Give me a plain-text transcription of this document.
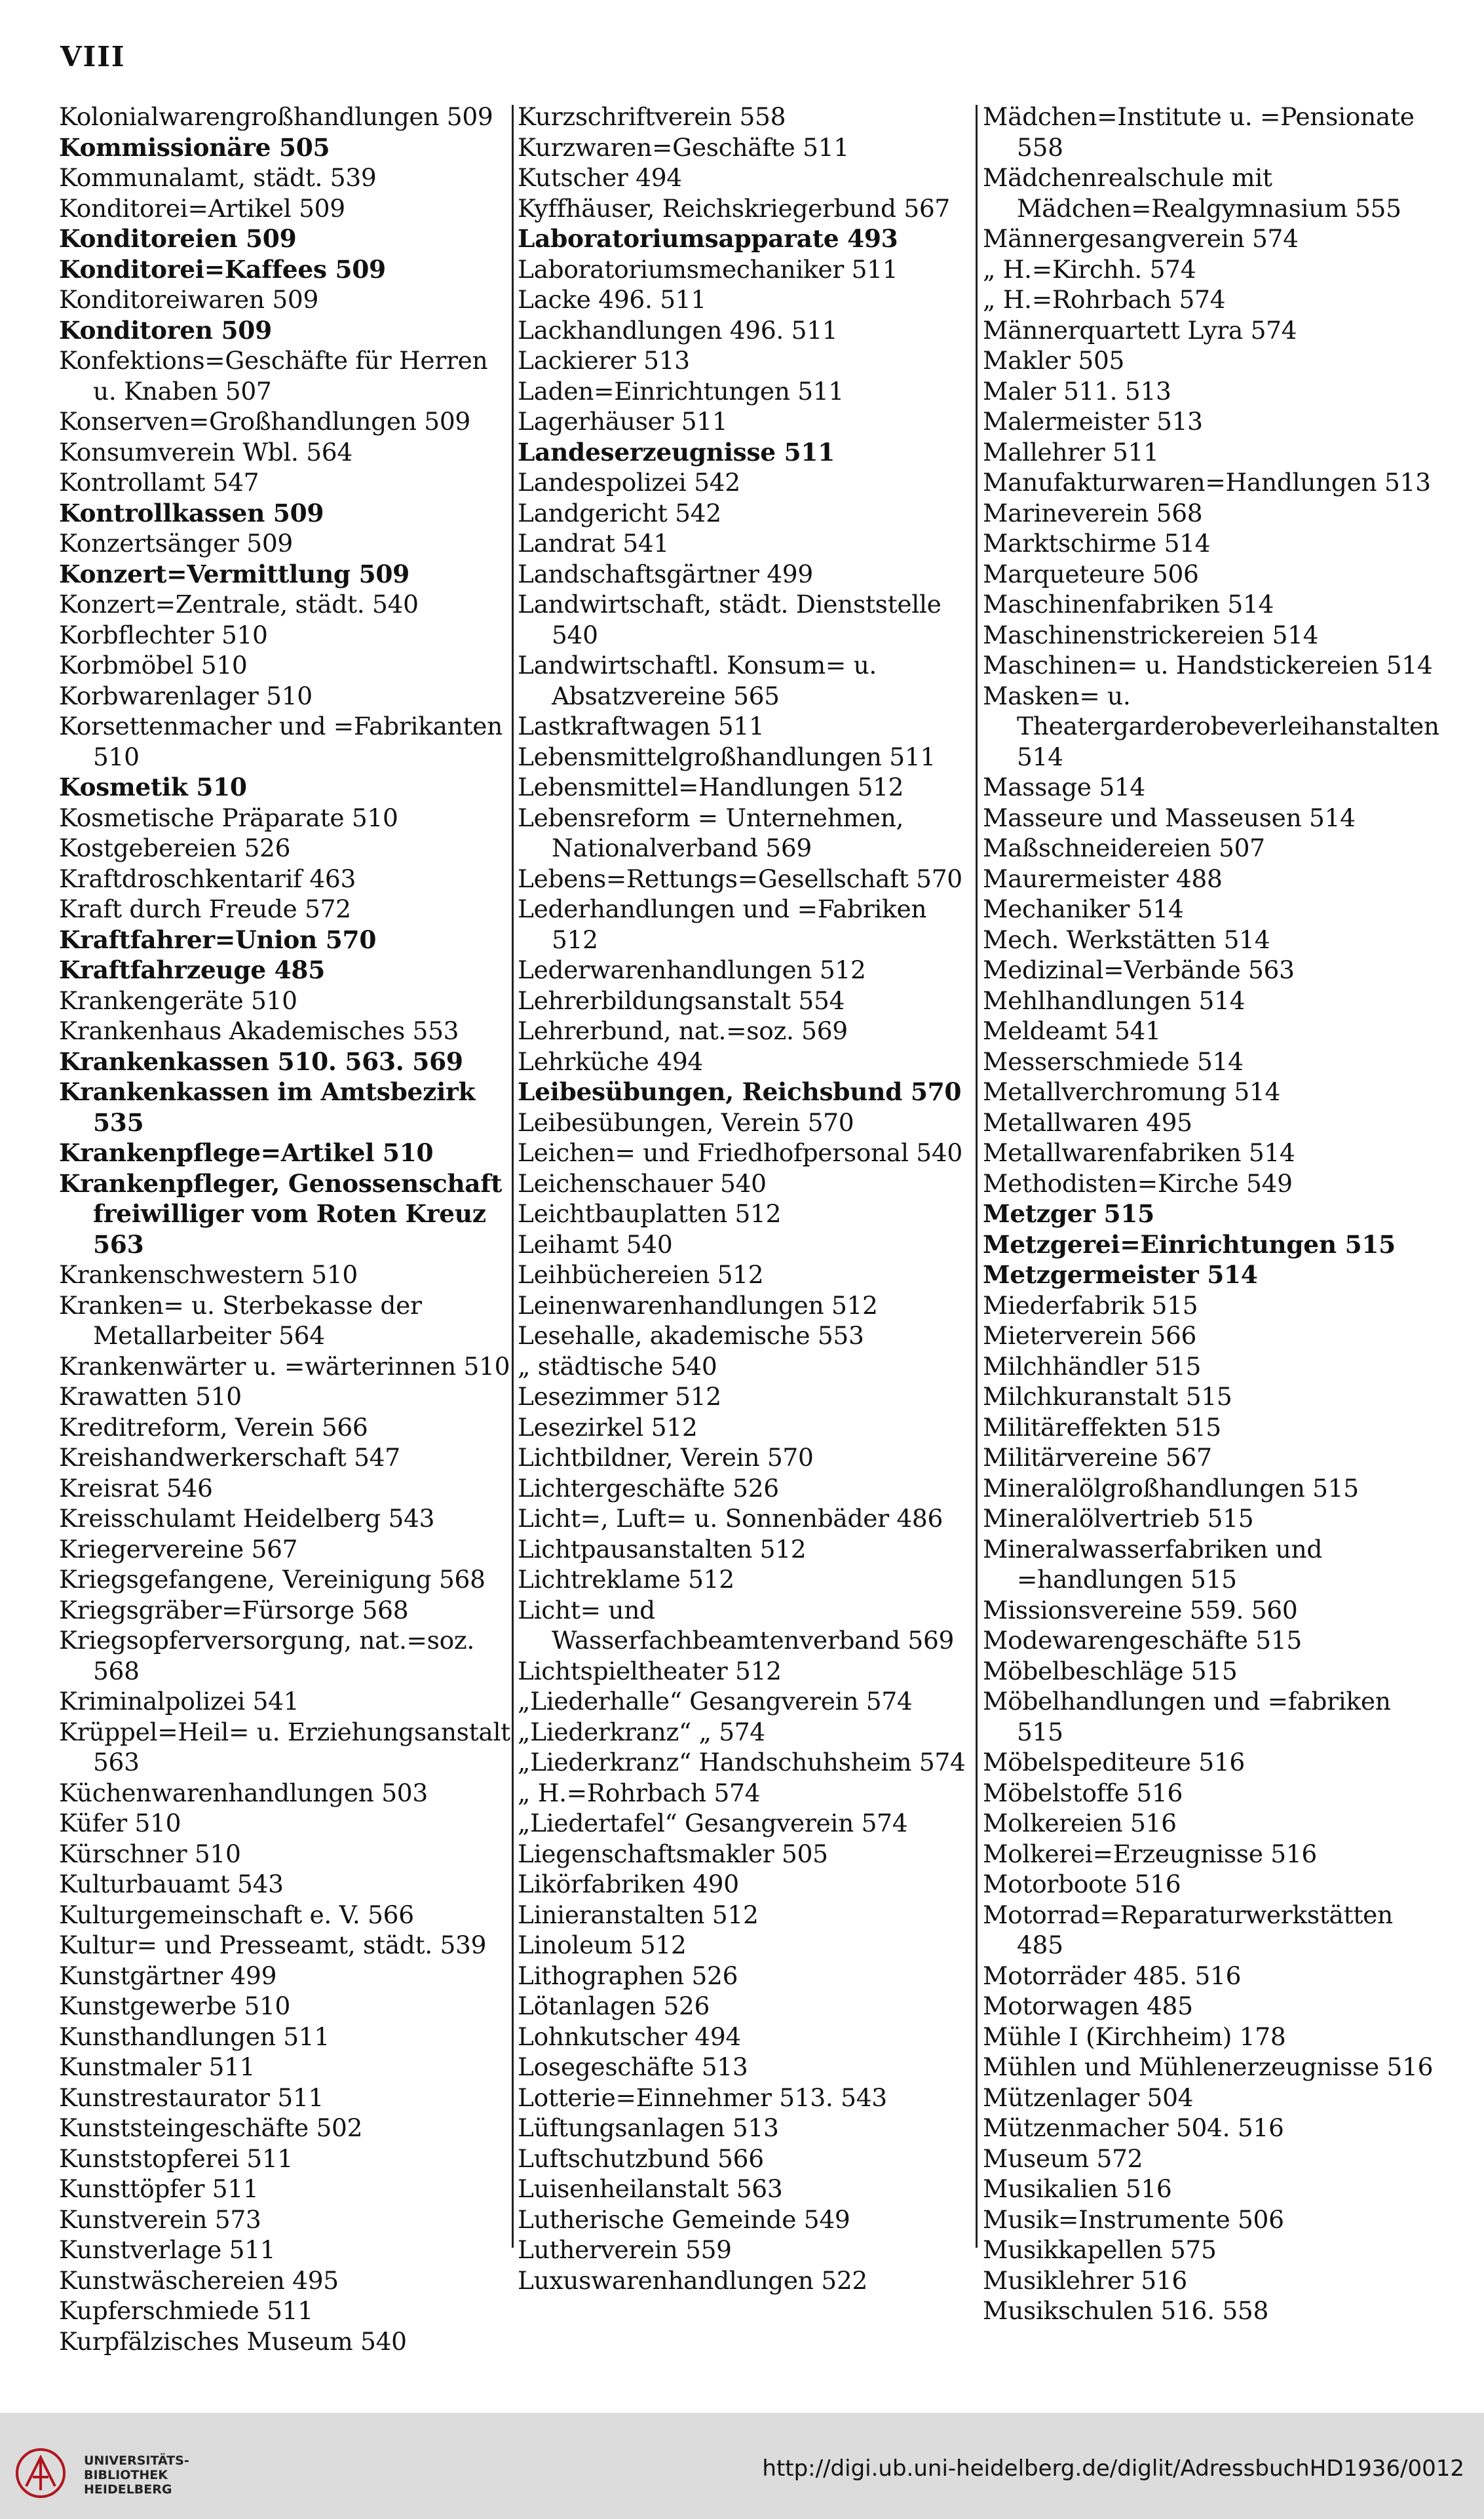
VIII
Kolonialwarengroßhandlungen 509
Kommissionäre 505
Kommunalamt, städt. 539
Konditorei=Artikel 509
Konditoreien 509
Konditorei=Kaffees 509
Konditoreiwaren 509
Konditoren 509
Konfektions=Geschäfte für Herren u. Knaben 507
Konserven=Großhandlungen 509
Konsumverein Wbl. 564
Kontrollamt 547
Kontrollkassen 509
Konzertsänger 509
Konzert=Vermittlung 509
Konzert=Zentrale, städt. 540
Korbflechter 510
Korbmöbel 510
Korbwarenlager 510
Korsettenmacher und =Fabrikanten 510
Kosmetik 510
Kosmetische Präparate 510
Kostgebereien 526
Kraftdroschkentarif 463
Kraft durch Freude 572
Kraftfahrer=Union 570
Kraftfahrzeuge 485
Krankengeräte 510
Krankenhaus Akademisches 553
Krankenkassen 510. 563. 569
Krankenkassen im Amtsbezirk 535
Krankenpflege=Artikel 510
Krankenpfleger, Genossenschaft freiwilliger vom Roten Kreuz 563
Krankenschwestern 510
Kranken= u. Sterbekasse der Metallarbeiter 564
Krankenwärter u. =wärterinnen 510
Krawatten 510
Kreditreform, Verein 566
Kreishandwerkerschaft 547
Kreisrat 546
Kreisschulamt Heidelberg 543
Kriegervereine 567
Kriegsgefangene, Vereinigung 568
Kriegsgräber=Fürsorge 568
Kriegsopferversorgung, nat.=soz. 568
Kriminalpolizei 541
Krüppel=Heil= u. Erziehungsanstalt 563
Küchenwarenhandlungen 503
Küfer 510
Kürschner 510
Kulturbauamt 543
Kulturgemeinschaft e. V. 566
Kultur= und Presseamt, städt. 539
Kunstgärtner 499
Kunstgewerbe 510
Kunsthandlungen 511
Kunstmaler 511
Kunstrestaurator 511
Kunststeingeschäfte 502
Kunststopferei 511
Kunsttöpfer 511
Kunstverein 573
Kunstverlage 511
Kunstwäschereien 495
Kupferschmiede 511
Kurpfälzisches Museum 540
Kurzschriftverein 558
Kurzwaren=Geschäfte 511
Kutscher 494
Kyffhäuser, Reichskriegerbund 567
Laboratoriumsapparate 493
Laboratoriumsmechaniker 511
Lacke 496. 511
Lackhandlungen 496. 511
Lackierer 513
Laden=Einrichtungen 511
Lagerhäuser 511
Landeserzeugnisse 511
Landespolizei 542
Landgericht 542
Landrat 541
Landschaftsgärtner 499
Landwirtschaft, städt. Dienststelle 540
Landwirtschaftl. Konsum= u. Absatzvereine 565
Lastkraftwagen 511
Lebensmittelgroßhandlungen 511
Lebensmittel=Handlungen 512
Lebensreform = Unternehmen, Nationalverband 569
Lebens=Rettungs=Gesellschaft 570
Lederhandlungen und =Fabriken 512
Lederwarenhandlungen 512
Lehrerbildungsanstalt 554
Lehrerbund, nat.=soz. 569
Lehrküche 494
Leibesübungen, Reichsbund 570
Leibesübungen, Verein 570
Leichen= und Friedhofpersonal 540
Leichenschauer 540
Leichtbauplatten 512
Leihamt 540
Leihbüchereien 512
Leinenwarenhandlungen 512
Lesehalle, akademische 553
„ städtische 540
Lesezimmer 512
Lesezirkel 512
Lichtbildner, Verein 570
Lichtergeschäfte 526
Licht=, Luft= u. Sonnenbäder 486
Lichtpausanstalten 512
Lichtreklame 512
Licht= und Wasserfachbeamtenverband 569
Lichtspieltheater 512
„Liederhalle“ Gesangverein 574
„Liederkranz“ „ 574
„Liederkranz“ Handschuhsheim 574
„ H.=Rohrbach 574
„Liedertafel“ Gesangverein 574
Liegenschaftsmakler 505
Likörfabriken 490
Linieranstalten 512
Linoleum 512
Lithographen 526
Lötanlagen 526
Lohnkutscher 494
Losegeschäfte 513
Lotterie=Einnehmer 513. 543
Lüftungsanlagen 513
Luftschutzbund 566
Luisenheilanstalt 563
Lutherische Gemeinde 549
Lutherverein 559
Luxuswarenhandlungen 522
Mädchen=Institute u. =Pensionate 558
Mädchenrealschule mit Mädchen=Realgymnasium 555
Männergesangverein 574
„ H.=Kirchh. 574
„ H.=Rohrbach 574
Männerquartett Lyra 574
Makler 505
Maler 511. 513
Malermeister 513
Mallehrer 511
Manufakturwaren=Handlungen 513
Marineverein 568
Marktschirme 514
Marqueteure 506
Maschinenfabriken 514
Maschinenstrickereien 514
Maschinen= u. Handstickereien 514
Masken= u. Theatergarderobeverleihanstalten 514
Massage 514
Masseure und Masseusen 514
Maßschneidereien 507
Maurermeister 488
Mechaniker 514
Mech. Werkstätten 514
Medizinal=Verbände 563
Mehlhandlungen 514
Meldeamt 541
Messerschmiede 514
Metallverchromung 514
Metallwaren 495
Metallwarenfabriken 514
Methodisten=Kirche 549
Metzger 515
Metzgerei=Einrichtungen 515
Metzgermeister 514
Miederfabrik 515
Mieterverein 566
Milchhändler 515
Milchkuranstalt 515
Militäreffekten 515
Militärvereine 567
Mineralölgroßhandlungen 515
Mineralölvertrieb 515
Mineralwasserfabriken und =handlungen 515
Missionsvereine 559. 560
Modewarengeschäfte 515
Möbelbeschläge 515
Möbelhandlungen und =fabriken 515
Möbelspediteure 516
Möbelstoffe 516
Molkereien 516
Molkerei=Erzeugnisse 516
Motorboote 516
Motorrad=Reparaturwerkstätten 485
Motorräder 485. 516
Motorwagen 485
Mühle I (Kirchheim) 178
Mühlen und Mühlenerzeugnisse 516
Mützenlager 504
Mützenmacher 504. 516
Museum 572
Musikalien 516
Musik=Instrumente 506
Musikkapellen 575
Musiklehrer 516
Musikschulen 516. 558
UNIVERSITÄTS-
BIBLIOTHEK
HEIDELBERG
http://digi.ub.uni-heidelberg.de/diglit/AdressbuchHD1936/0012
